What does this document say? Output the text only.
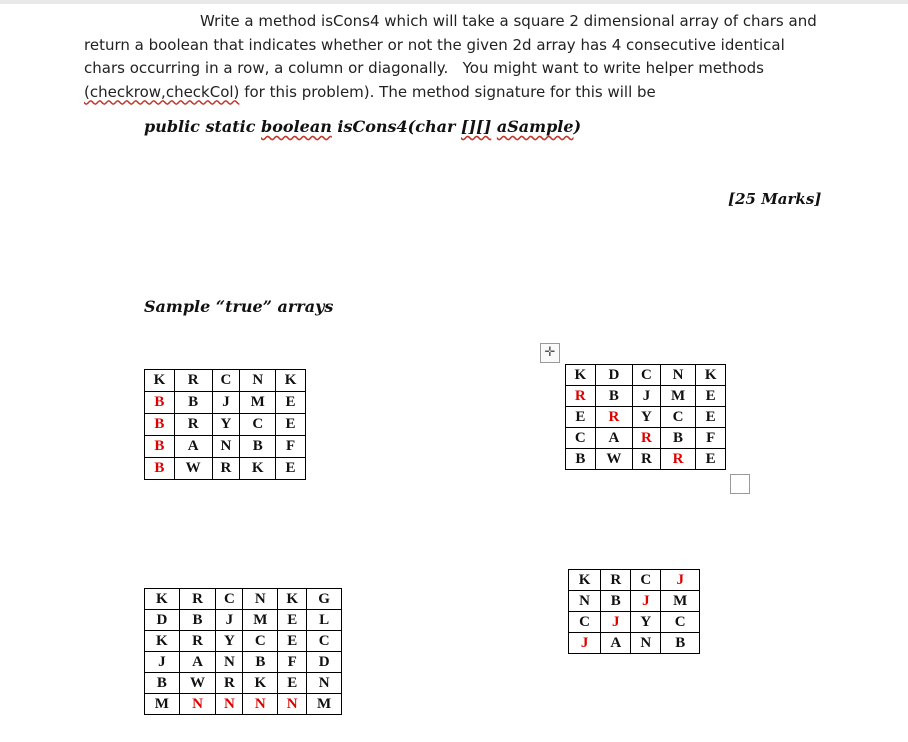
Write a method isCons4 which will take a square 2 dimensional array of chars and return a boolean that indicates whether or not the given 2d array has 4 consecutive identical chars occurring in a row, a column or diagonally. You might want to write helper methods (checkrow,checkCol) for this problem). The method signature for this will be
public static boolean isCons4(char [][] aSample)
[25 Marks]
Sample “true” arrays
✛
K	R	C	N	K
B	B	J	M	E
B	R	Y	C	E
B	A	N	B	F
B	W	R	K	E
K	D	C	N	K
R	B	J	M	E
E	R	Y	C	E
C	A	R	B	F
B	W	R	R	E
K	R	C	N	K	G
D	B	J	M	E	L
K	R	Y	C	E	C
J	A	N	B	F	D
B	W	R	K	E	N
M	N	N	N	N	M
K	R	C	J
N	B	J	M
C	J	Y	C
J	A	N	B
